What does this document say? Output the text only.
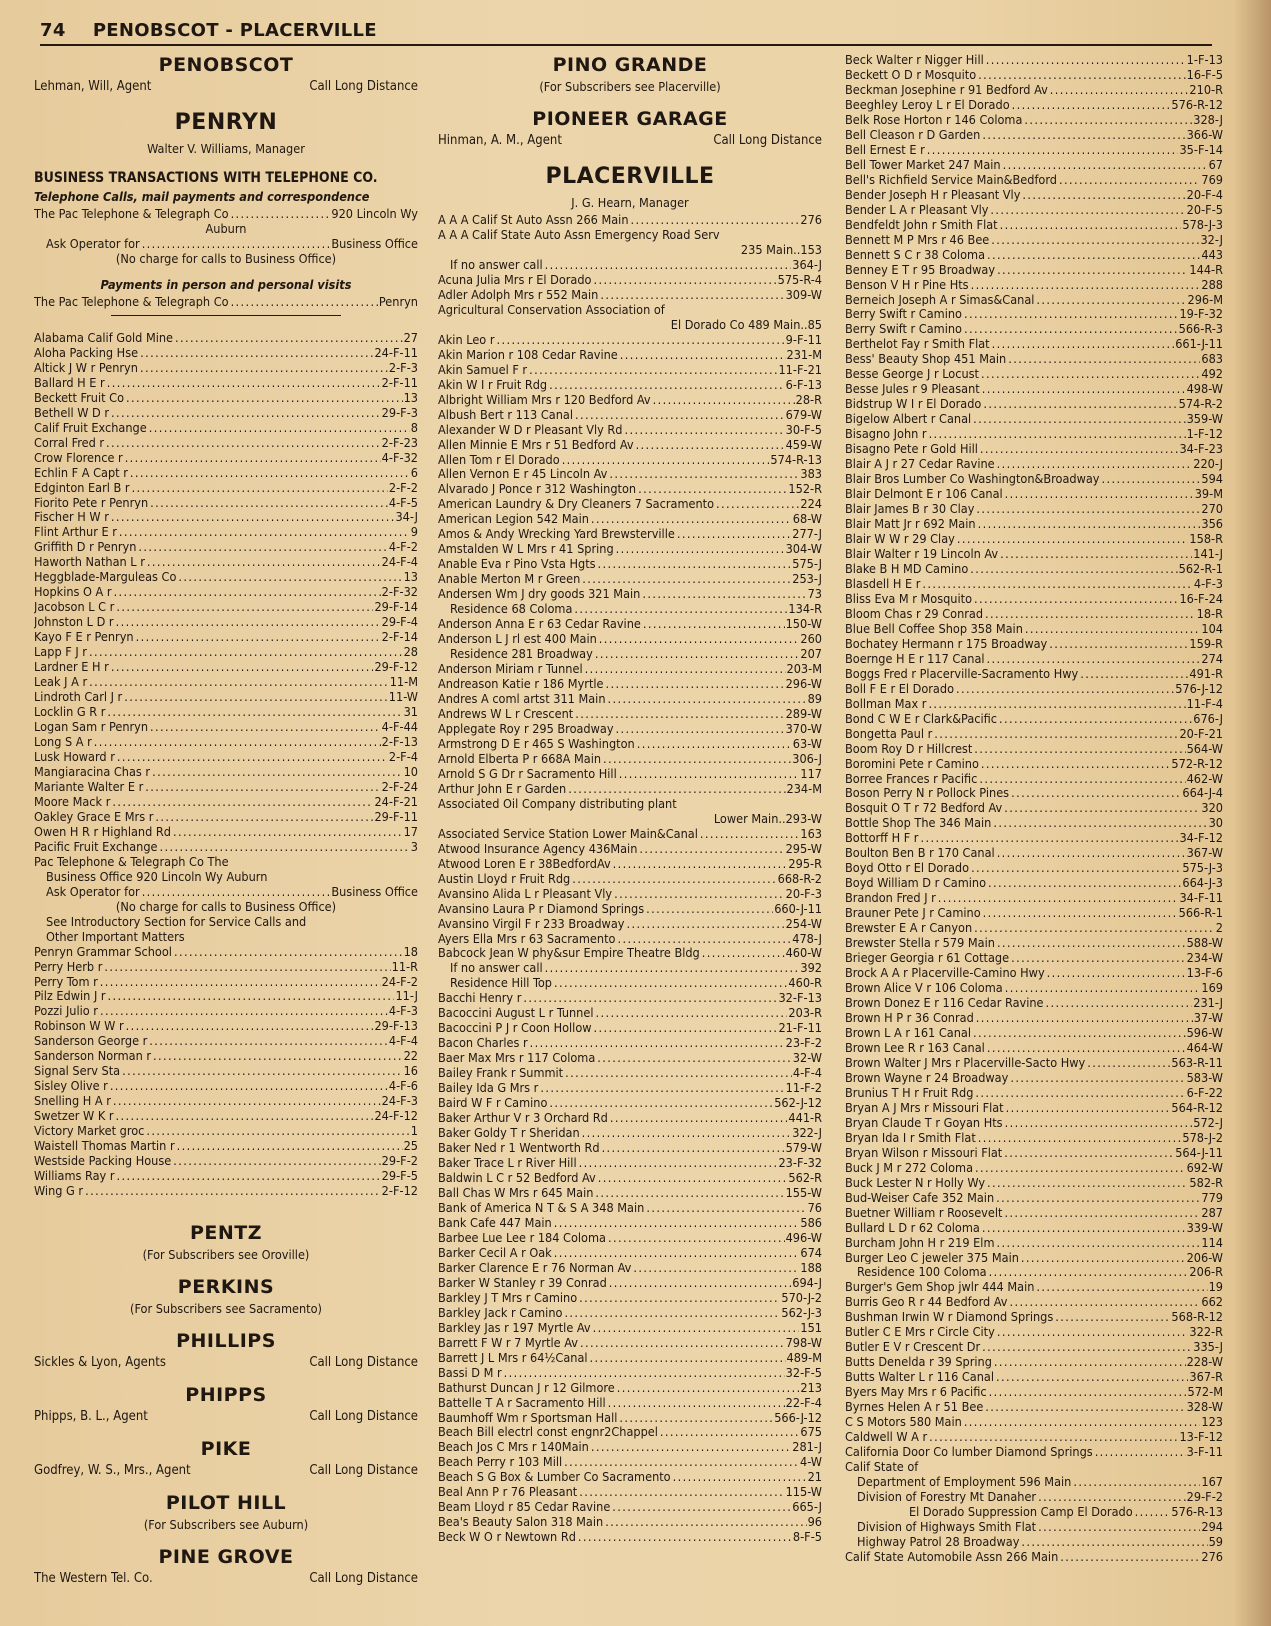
74 PENOBSCOT - PLACERVILLE
PENOBSCOT
Lehman, Will, Agent	Call Long Distance
PENRYN
Walter V. Williams, Manager
BUSINESS TRANSACTIONS WITH TELEPHONE CO.
Telephone Calls, mail payments and correspondence
The Pac Telephone & Telegraph Co .....	920 Lincoln Wy
Auburn
Ask Operator for .....	Business Office
(No charge for calls to Business Office)
Payments in person and personal visits
The Pac Telephone & Telegraph Co .....	Penryn
Alabama Calif Gold Mine .....	27
Aloha Packing Hse .....	24-F-11
Altick J W r Penryn .....	2-F-3
Ballard H E r .....	2-F-11
Beckett Fruit Co .....	13
Bethell W D r .....	29-F-3
Calif Fruit Exchange .....	8
Corral Fred r .....	2-F-23
Crow Florence r .....	4-F-32
Echlin F A Capt r .....	6
Edginton Earl B r .....	2-F-2
Fiorito Pete r Penryn .....	4-F-5
Fischer H W r .....	34-J
Flint Arthur E r .....	9
Griffith D r Penryn .....	4-F-2
Haworth Nathan L r .....	24-F-4
Heggblade-Marguleas Co .....	13
Hopkins O A r .....	2-F-32
Jacobson L C r .....	29-F-14
Johnston L D r .....	29-F-4
Kayo F E r Penryn .....	2-F-14
Lapp F J r .....	28
Lardner E H r .....	29-F-12
Leak J A r .....	11-M
Lindroth Carl J r .....	11-W
Locklin G R r .....	31
Logan Sam r Penryn .....	4-F-44
Long S A r .....	2-F-13
Lusk Howard r .....	2-F-4
Mangiaracina Chas r .....	10
Mariante Walter E r .....	2-F-24
Moore Mack r .....	24-F-21
Oakley Grace E Mrs r .....	29-F-11
Owen H R r Highland Rd .....	17
Pacific Fruit Exchange .....	3
Pac Telephone & Telegraph Co The
Business Office 920 Lincoln Wy Auburn
Ask Operator for .....	Business Office
(No charge for calls to Business Office)
See Introductory Section for Service Calls and
Other Important Matters
Penryn Grammar School .....	18
Perry Herb r .....	11-R
Perry Tom r .....	24-F-2
Pilz Edwin J r .....	11-J
Pozzi Julio r .....	4-F-3
Robinson W W r .....	29-F-13
Sanderson George r .....	4-F-4
Sanderson Norman r .....	22
Signal Serv Sta .....	16
Sisley Olive r .....	4-F-6
Snelling H A r .....	24-F-3
Swetzer W K r .....	24-F-12
Victory Market groc .....	1
Waistell Thomas Martin r .....	25
Westside Packing House .....	29-F-2
Williams Ray r .....	29-F-5
Wing G r .....	2-F-12
PENTZ
(For Subscribers see Oroville)
PERKINS
(For Subscribers see Sacramento)
PHILLIPS
Sickles & Lyon, Agents	Call Long Distance
PHIPPS
Phipps, B. L., Agent	Call Long Distance
PIKE
Godfrey, W. S., Mrs., Agent	Call Long Distance
PILOT HILL
(For Subscribers see Auburn)
PINE GROVE
The Western Tel. Co.	Call Long Distance
PINO GRANDE
(For Subscribers see Placerville)
PIONEER GARAGE
Hinman, A. M., Agent	Call Long Distance
PLACERVILLE
J. G. Hearn, Manager
A A A Calif St Auto Assn 266 Main .....	276
A A A Calif State Auto Assn Emergency Road Serv
235 Main..153
If no answer call .....	364-J
Acuna Julia Mrs r El Dorado .....	575-R-4
Adler Adolph Mrs r 552 Main .....	309-W
Agricultural Conservation Association of
El Dorado Co 489 Main..85
Akin Leo r .....	9-F-11
Akin Marion r 108 Cedar Ravine .....	231-M
Akin Samuel F r .....	11-F-21
Akin W I r Fruit Rdg .....	6-F-13
Albright William Mrs r 120 Bedford Av .....	28-R
Albush Bert r 113 Canal .....	679-W
Alexander W D r Pleasant Vly Rd .....	30-F-5
Allen Minnie E Mrs r 51 Bedford Av .....	459-W
Allen Tom r El Dorado .....	574-R-13
Allen Vernon E r 45 Lincoln Av .....	383
Alvarado J Ponce r 312 Washington .....	152-R
American Laundry & Dry Cleaners 7 Sacramento .....	224
American Legion 542 Main .....	68-W
Amos & Andy Wrecking Yard Brewsterville .....	277-J
Amstalden W L Mrs r 41 Spring .....	304-W
Anable Eva r Pino Vsta Hgts .....	575-J
Anable Merton M r Green .....	253-J
Andersen Wm J dry goods 321 Main .....	73
Residence 68 Coloma .....	134-R
Anderson Anna E r 63 Cedar Ravine .....	150-W
Anderson L J rl est 400 Main .....	260
Residence 281 Broadway .....	207
Anderson Miriam r Tunnel .....	203-M
Andreason Katie r 186 Myrtle .....	296-W
Andres A coml artst 311 Main .....	89
Andrews W L r Crescent .....	289-W
Applegate Roy r 295 Broadway .....	370-W
Armstrong D E r 465 S Washington .....	63-W
Arnold Elberta P r 668A Main .....	306-J
Arnold S G Dr r Sacramento Hill .....	117
Arthur John E r Garden .....	234-M
Associated Oil Company distributing plant
Lower Main..293-W
Associated Service Station Lower Main&Canal .....	163
Atwood Insurance Agency 436Main .....	295-W
Atwood Loren E r 38BedfordAv .....	295-R
Austin Lloyd r Fruit Rdg .....	668-R-2
Avansino Alida L r Pleasant Vly .....	20-F-3
Avansino Laura P r Diamond Springs .....	660-J-11
Avansino Virgil F r 233 Broadway .....	254-W
Ayers Ella Mrs r 63 Sacramento .....	478-J
Babcock Jean W phy&sur Empire Theatre Bldg .....	460-W
If no answer call .....	392
Residence Hill Top .....	460-R
Bacchi Henry r .....	32-F-13
Bacoccini August L r Tunnel .....	203-R
Bacoccini P J r Coon Hollow .....	21-F-11
Bacon Charles r .....	23-F-2
Baer Max Mrs r 117 Coloma .....	32-W
Bailey Frank r Summit .....	4-F-4
Bailey Ida G Mrs r .....	11-F-2
Baird W F r Camino .....	562-J-12
Baker Arthur V r 3 Orchard Rd .....	441-R
Baker Goldy T r Sheridan .....	322-J
Baker Ned r 1 Wentworth Rd .....	579-W
Baker Trace L r River Hill .....	23-F-32
Baldwin L C r 52 Bedford Av .....	562-R
Ball Chas W Mrs r 645 Main .....	155-W
Bank of America N T & S A 348 Main .....	76
Bank Cafe 447 Main .....	586
Barbee Lue Lee r 184 Coloma .....	496-W
Barker Cecil A r Oak .....	674
Barker Clarence E r 76 Norman Av .....	188
Barker W Stanley r 39 Conrad .....	694-J
Barkley J T Mrs r Camino .....	570-J-2
Barkley Jack r Camino .....	562-J-3
Barkley Jas r 197 Myrtle Av .....	151
Barrett F W r 7 Myrtle Av .....	798-W
Barrett J L Mrs r 64½Canal .....	489-M
Bassi D M r .....	32-F-5
Bathurst Duncan J r 12 Gilmore .....	213
Battelle T A r Sacramento Hill .....	22-F-4
Baumhoff Wm r Sportsman Hall .....	566-J-12
Beach Bill electrl const engnr2Chappel .....	675
Beach Jos C Mrs r 140Main .....	281-J
Beach Perry r 103 Mill .....	4-W
Beach S G Box & Lumber Co Sacramento .....	21
Beal Ann P r 76 Pleasant .....	115-W
Beam Lloyd r 85 Cedar Ravine .....	665-J
Bea's Beauty Salon 318 Main .....	96
Beck W O r Newtown Rd .....	8-F-5
Beck Walter r Nigger Hill .....	1-F-13
Beckett O D r Mosquito .....	16-F-5
Beckman Josephine r 91 Bedford Av .....	210-R
Beeghley Leroy L r El Dorado .....	576-R-12
Belk Rose Horton r 146 Coloma .....	328-J
Bell Cleason r D Garden .....	366-W
Bell Ernest E r .....	35-F-14
Bell Tower Market 247 Main .....	67
Bell's Richfield Service Main&Bedford .....	769
Bender Joseph H r Pleasant Vly .....	20-F-4
Bender L A r Pleasant Vly .....	20-F-5
Bendfeldt John r Smith Flat .....	578-J-3
Bennett M P Mrs r 46 Bee .....	32-J
Bennett S C r 38 Coloma .....	443
Benney E T r 95 Broadway .....	144-R
Benson V H r Pine Hts .....	288
Berneich Joseph A r Simas&Canal .....	296-M
Berry Swift r Camino .....	19-F-32
Berry Swift r Camino .....	566-R-3
Berthelot Fay r Smith Flat .....	661-J-11
Bess' Beauty Shop 451 Main .....	683
Besse George J r Locust .....	492
Besse Jules r 9 Pleasant .....	498-W
Bidstrup W I r El Dorado .....	574-R-2
Bigelow Albert r Canal .....	359-W
Bisagno John r .....	1-F-12
Bisagno Pete r Gold Hill .....	34-F-23
Blair A J r 27 Cedar Ravine .....	220-J
Blair Bros Lumber Co Washington&Broadway .....	594
Blair Delmont E r 106 Canal .....	39-M
Blair James B r 30 Clay .....	270
Blair Matt Jr r 692 Main .....	356
Blair W W r 29 Clay .....	158-R
Blair Walter r 19 Lincoln Av .....	141-J
Blake B H MD Camino .....	562-R-1
Blasdell H E r .....	4-F-3
Bliss Eva M r Mosquito .....	16-F-24
Bloom Chas r 29 Conrad .....	18-R
Blue Bell Coffee Shop 358 Main .....	104
Bochatey Hermann r 175 Broadway .....	159-R
Boernge H E r 117 Canal .....	274
Boggs Fred r Placerville-Sacramento Hwy .....	491-R
Boll F E r El Dorado .....	576-J-12
Bollman Max r .....	11-F-4
Bond C W E r Clark&Pacific .....	676-J
Bongetta Paul r .....	20-F-21
Boom Roy D r Hillcrest .....	564-W
Boromini Pete r Camino .....	572-R-12
Borree Frances r Pacific .....	462-W
Boson Perry N r Pollock Pines .....	664-J-4
Bosquit O T r 72 Bedford Av .....	320
Bottle Shop The 346 Main .....	30
Bottorff H F r .....	34-F-12
Boulton Ben B r 170 Canal .....	367-W
Boyd Otto r El Dorado .....	575-J-3
Boyd William D r Camino .....	664-J-3
Brandon Fred J r .....	34-F-11
Brauner Pete J r Camino .....	566-R-1
Brewster E A r Canyon .....	2
Brewster Stella r 579 Main .....	588-W
Brieger Georgia r 61 Cottage .....	234-W
Brock A A r Placerville-Camino Hwy .....	13-F-6
Brown Alice V r 106 Coloma .....	169
Brown Donez E r 116 Cedar Ravine .....	231-J
Brown H P r 36 Conrad .....	37-W
Brown L A r 161 Canal .....	596-W
Brown Lee R r 163 Canal .....	464-W
Brown Walter J Mrs r Placerville-Sacto Hwy .....	563-R-11
Brown Wayne r 24 Broadway .....	583-W
Brunius T H r Fruit Rdg .....	6-F-22
Bryan A J Mrs r Missouri Flat .....	564-R-12
Bryan Claude T r Goyan Hts .....	572-J
Bryan Ida I r Smith Flat .....	578-J-2
Bryan Wilson r Missouri Flat .....	564-J-11
Buck J M r 272 Coloma .....	692-W
Buck Lester N r Holly Wy .....	582-R
Bud-Weiser Cafe 352 Main .....	779
Buetner William r Roosevelt .....	287
Bullard L D r 62 Coloma .....	339-W
Burcham John H r 219 Elm .....	114
Burger Leo C jeweler 375 Main .....	206-W
Residence 100 Coloma .....	206-R
Burger's Gem Shop jwlr 444 Main .....	19
Burris Geo R r 44 Bedford Av .....	662
Bushman Irwin W r Diamond Springs .....	568-R-12
Butler C E Mrs r Circle City .....	322-R
Butler E V r Crescent Dr .....	335-J
Butts Denelda r 39 Spring .....	228-W
Butts Walter L r 116 Canal .....	367-R
Byers May Mrs r 6 Pacific .....	572-M
Byrnes Helen A r 51 Bee .....	328-W
C S Motors 580 Main .....	123
Caldwell W A r .....	13-F-12
California Door Co lumber Diamond Springs .....	3-F-11
Calif State of
Department of Employment 596 Main .....	167
Division of Forestry Mt Danaher .....	29-F-2
El Dorado Suppression Camp El Dorado .....	576-R-13
Division of Highways Smith Flat .....	294
Highway Patrol 28 Broadway .....	59
Calif State Automobile Assn 266 Main .....	276
